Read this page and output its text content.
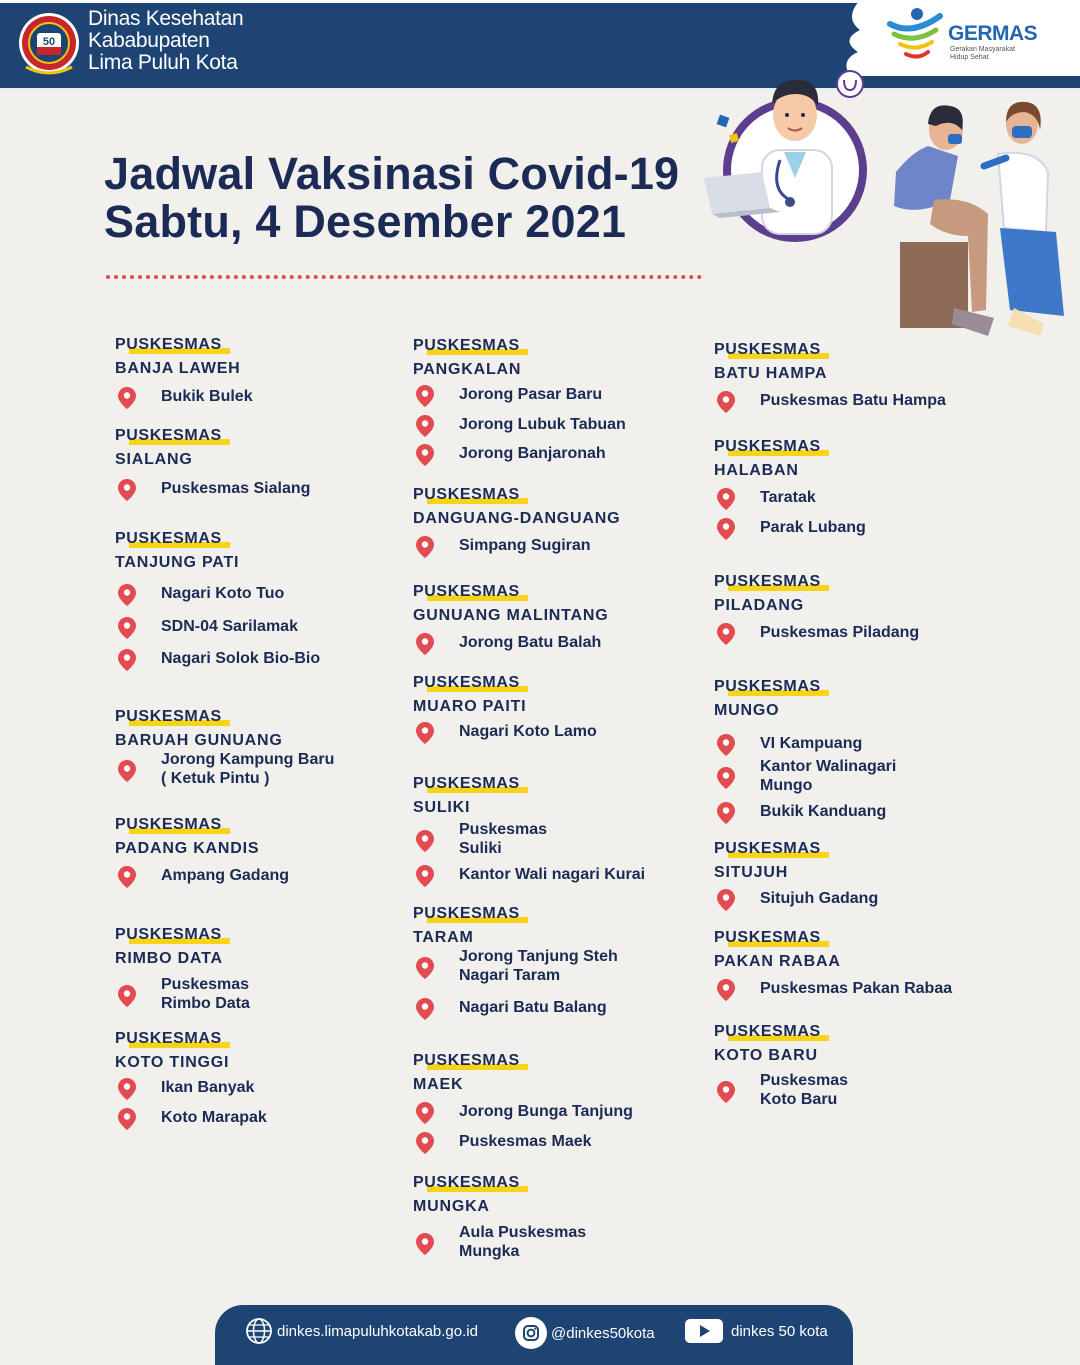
50
Dinas Kesehatan
Kababupaten
Lima Puluh Kota
GERMAS
Gerakan Masyarakat
Hidup Sehat
Jadwal Vaksinasi Covid-19
Sabtu, 4 Desember 2021
PUSKESMAS
BANJA LAWEH
Bukik Bulek
PUSKESMAS
SIALANG
Puskesmas Sialang
PUSKESMAS
TANJUNG PATI
Nagari Koto Tuo
SDN-04 Sarilamak
Nagari Solok Bio-Bio
PUSKESMAS
BARUAH GUNUANG
Jorong Kampung Baru
( Ketuk Pintu )
PUSKESMAS
PADANG KANDIS
Ampang Gadang
PUSKESMAS
RIMBO DATA
Puskesmas
Rimbo Data
PUSKESMAS
KOTO TINGGI
Ikan Banyak
Koto Marapak
PUSKESMAS
PANGKALAN
Jorong Pasar Baru
Jorong Lubuk Tabuan
Jorong Banjaronah
PUSKESMAS
DANGUANG-DANGUANG
Simpang Sugiran
PUSKESMAS
GUNUANG MALINTANG
Jorong Batu Balah
PUSKESMAS
MUARO PAITI
Nagari Koto Lamo
PUSKESMAS
SULIKI
Puskesmas
Suliki
Kantor Wali nagari Kurai
PUSKESMAS
TARAM
Jorong Tanjung Steh
Nagari Taram
Nagari Batu Balang
PUSKESMAS
MAEK
Jorong Bunga Tanjung
Puskesmas Maek
PUSKESMAS
MUNGKA
Aula Puskesmas
Mungka
PUSKESMAS
BATU HAMPA
Puskesmas Batu Hampa
PUSKESMAS
HALABAN
Taratak
Parak Lubang
PUSKESMAS
PILADANG
Puskesmas Piladang
PUSKESMAS
MUNGO
VI Kampuang
Kantor Walinagari
Mungo
Bukik Kanduang
PUSKESMAS
SITUJUH
Situjuh Gadang
PUSKESMAS
PAKAN RABAA
Puskesmas Pakan Rabaa
PUSKESMAS
KOTO BARU
Puskesmas
Koto Baru
dinkes.limapuluhkotakab.go.id	@dinkes50kota	dinkes 50 kota
